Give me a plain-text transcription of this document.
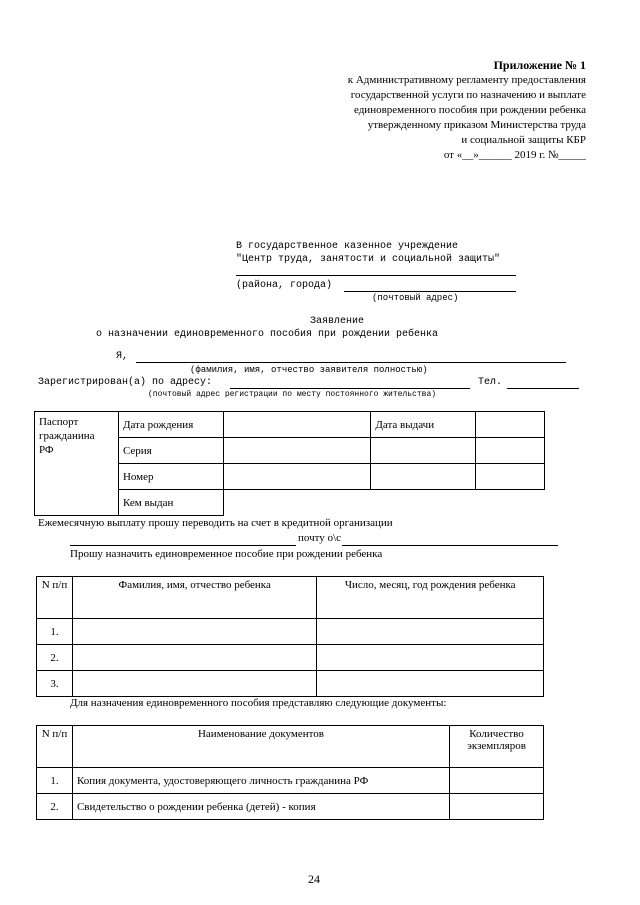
Приложение № 1
к Административному регламенту предоставления
государственной услуги по назначению и выплате
единовременного пособия при рождении ребенка
утвержденному приказом Министерства труда
и социальной защиты КБР
от «__»______ 2019 г. №_____
В государственное казенное учреждение
"Центр труда, занятости и социальной защиты"
(района, города)
(почтовый адрес)
Заявление
о назначении единовременного пособия при рождении ребенка
Я,
(фамилия, имя, отчество заявителя полностью)
Зарегистрирован(а) по адресу:	Тел.
(почтовый адрес регистрации по месту постоянного жительства)
Паспорт
гражданина
РФ	Дата рождения		Дата выдачи	
	Серия			
	Номер			
	Кем выдан			
Ежемесячную выплату прошу переводить на счет в кредитной организации
почту о\с
Прошу назначить единовременное пособие при рождении ребенка
N п/п	Фамилия, имя, отчество ребенка	Число, месяц, год рождения ребенка
1.		
2.		
3.		
Для назначения единовременного пособия представляю следующие документы:
N п/п	Наименование документов	Количество экземпляров
1.	Копия документа, удостоверяющего личность гражданина РФ	
2.	Свидетельство о рождении ребенка (детей) - копия	
24
